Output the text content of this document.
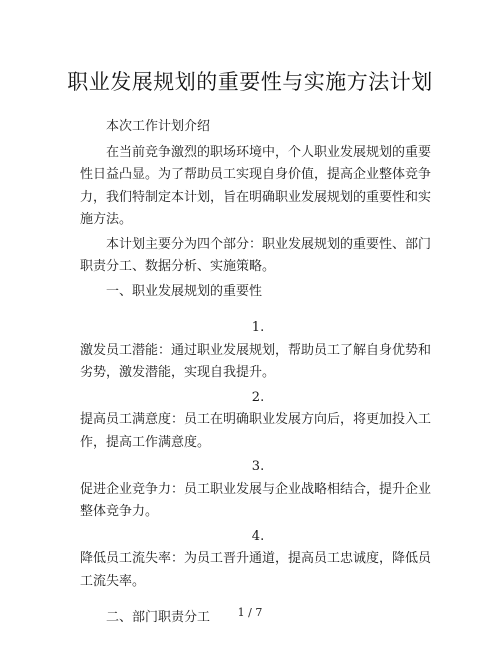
职业发展规划的重要性与实施方法计划

本次工作计划介绍

在当前竞争激烈的职场环境中，个人职业发展规划的重要性日益凸显。为了帮助员工实现自身价值，提高企业整体竞争力，我们特制定本计划，旨在明确职业发展规划的重要性和实施方法。

本计划主要分为四个部分：职业发展规划的重要性、部门职责分工、数据分析、实施策略。

一、职业发展规划的重要性

1.

激发员工潜能：通过职业发展规划，帮助员工了解自身优势和劣势，激发潜能，实现自我提升。

2.

提高员工满意度：员工在明确职业发展方向后，将更加投入工作，提高工作满意度。

3.

促进企业竞争力：员工职业发展与企业战略相结合，提升企业整体竞争力。

4.

降低员工流失率：为员工晋升通道，提高员工忠诚度，降低员工流失率。

二、部门职责分工	1 / 7
